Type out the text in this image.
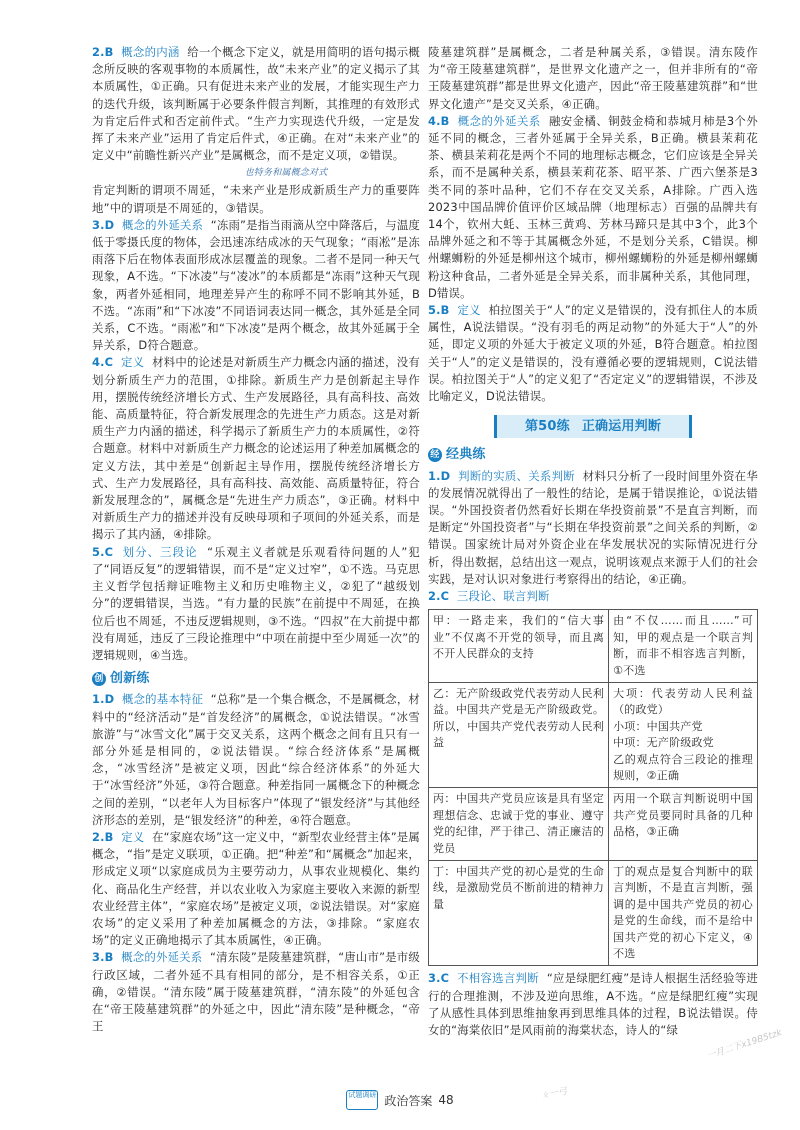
2.B 概念的内涵 给一个概念下定义，就是用简明的语句揭示概念所反映的客观事物的本质属性，故“未来产业”的定义揭示了其本质属性，①正确。只有促进未来产业的发展，才能实现生产力的迭代升级，该判断属于必要条件假言判断，其推理的有效形式为肯定后件式和否定前件式。“生产力实现迭代升级，一定是发挥了未来产业”运用了肯定后件式，④正确。在对“未来产业”的定义中“前瞻性新兴产业”是属概念，而不是定义项，②错误。

也特务和属概念对式

肯定判断的谓项不周延，“未来产业是形成新质生产力的重要阵地”中的谓项是不周延的，③错误。

3.D 概念的外延关系 “冻雨”是指当雨滴从空中降落后，与温度低于零摄氏度的物体，会迅速冻结成冰的天气现象；“雨凇”是冻雨落下后在物体表面形成冰层覆盖的现象。二者不是同一种天气现象，A不选。“下冰凌”与“凌冰”的本质都是“冻雨”这种天气现象，两者外延相同，地理差异产生的称呼不同不影响其外延，B不选。“冻雨”和“下冰凌”不同语词表达同一概念，其外延是全同关系，C不选。“雨凇”和“下冰凌”是两个概念，故其外延属于全异关系，D符合题意。

4.C 定义 材料中的论述是对新质生产力概念内涵的描述，没有划分新质生产力的范围，①排除。新质生产力是创新起主导作用，摆脱传统经济增长方式、生产发展路径，具有高科技、高效能、高质量特征，符合新发展理念的先进生产力质态。这是对新质生产力内涵的描述，科学揭示了新质生产力的本质属性，②符合题意。材料中对新质生产力概念的论述运用了种差加属概念的定义方法，其中差是“创新起主导作用，摆脱传统经济增长方式、生产力发展路径，具有高科技、高效能、高质量特征，符合新发展理念的”，属概念是“先进生产力质态”，③正确。材料中对新质生产力的描述并没有反映母项和子项间的外延关系，而是揭示了其内涵，④排除。

5.C 划分、三段论 “乐观主义者就是乐观看待问题的人”犯了“同语反复”的逻辑错误，而不是“定义过窄”，①不选。马克思主义哲学包括辩证唯物主义和历史唯物主义，②犯了“越级划分”的逻辑错误，当选。“有力量的民族”在前提中不周延，在换位后也不周延，不违反逻辑规则，③不选。“四叔”在大前提中都没有周延，违反了三段论推理中“中项在前提中至少周延一次”的逻辑规则，④当选。

创 创新练

1.D 概念的基本特征 “总称”是一个集合概念，不是属概念，材料中的“经济活动”是“首发经济”的属概念，①说法错误。“冰雪旅游”与“冰雪文化”属于交叉关系，这两个概念之间有且只有一部分外延是相同的，②说法错误。“综合经济体系”是属概念，“冰雪经济”是被定义项，因此“综合经济体系”的外延大于“冰雪经济”外延，③符合题意。种差指同一属概念下的种概念之间的差别，“以老年人为目标客户”体现了“银发经济”与其他经济形态的差别，是“银发经济”的种差，④符合题意。

2.B 定义 在“家庭农场”这一定义中，“新型农业经营主体”是属概念，“指”是定义联项，①正确。把“种差”和“属概念”加起来，形成定义项“以家庭成员为主要劳动力，从事农业规模化、集约化、商品化生产经营，并以农业收入为家庭主要收入来源的新型农业经营主体”，“家庭农场”是被定义项，②说法错误。对“家庭农场”的定义采用了种差加属概念的方法，③排除。“家庭农场”的定义正确地揭示了其本质属性，④正确。

3.B 概念的外延关系 “清东陵”是陵墓建筑群，“唐山市”是市级行政区域，二者外延不具有相同的部分，是不相容关系，①正确，②错误。“清东陵”属于陵墓建筑群，“清东陵”的外延包含在“帝王陵墓建筑群”的外延之中，因此“清东陵”是种概念，“帝王

陵墓建筑群”是属概念，二者是种属关系，③错误。清东陵作为“帝王陵墓建筑群”，是世界文化遗产之一，但并非所有的“帝王陵墓建筑群”都是世界文化遗产，因此“帝王陵墓建筑群”和“世界文化遗产”是交叉关系，④正确。

4.B 概念的外延关系 融安金橘、铜鼓金椅和恭城月柿是3个外延不同的概念，三者外延属于全异关系，B正确。横县茉莉花茶、横县茉莉花是两个不同的地理标志概念，它们应该是全异关系，而不是属种关系，横县茉莉花茶、昭平茶、广西六堡茶是3类不同的茶叶品种，它们不存在交叉关系，A排除。广西入选2023中国品牌价值评价区域品牌（地理标志）百强的品牌共有14个，钦州大蚝、玉林三黄鸡、芳林马蹄只是其中3个，此3个品牌外延之和不等于其属概念外延，不是划分关系，C错误。柳州螺蛳粉的外延是柳州这个城市，柳州螺蛳粉的外延是柳州螺蛳粉这种食品，二者外延是全异关系，而非属种关系，其他同理，D错误。

5.B 定义 柏拉图关于“人”的定义是错误的，没有抓住人的本质属性，A说法错误。“没有羽毛的两足动物”的外延大于“人”的外延，即定义项的外延大于被定义项的外延，B符合题意。柏拉图关于“人”的定义是错误的，没有遵循必要的逻辑规则，C说法错误。柏拉图关于“人”的定义犯了“否定定义”的逻辑错误，不涉及比喻定义，D说法错误。

第50练 正确运用判断
经 经典练

1.D 判断的实质、关系判断 材料只分析了一段时间里外资在华的发展情况就得出了一般性的结论，是属于错误推论，①说法错误。“外国投资者仍然看好长期在华投资前景”不是直言判断，而是断定“外国投资者”与“长期在华投资前景”之间关系的判断，②错误。国家统计局对外资企业在华发展状况的实际情况进行分析，得出数据，总结出这一观点，说明该观点来源于人们的社会实践，是对认识对象进行考察得出的结论，④正确。

2.C 三段论、联言判断

甲：一路走来，我们的“信大事业”不仅离不开党的领导，而且离不开人民群众的支持	由“不仅……而且……”可知，甲的观点是一个联言判断，而非不相容选言判断，①不选
乙：无产阶级政党代表劳动人民利益。中国共产党是无产阶级政党。所以，中国共产党代表劳动人民利益	大项：代表劳动人民利益（的政党）
小项：中国共产党
中项：无产阶级政党
乙的观点符合三段论的推理规则，②正确
丙：中国共产党员应该是具有坚定理想信念、忠诚于党的事业、遵守党的纪律，严于律己、清正廉洁的党员	丙用一个联言判断说明中国共产党员要同时具备的几种品格，③正确
丁：中国共产党的初心是党的生命线，是激励党员不断前进的精神力量	丁的观点是复合判断中的联言判断，不是直言判断，强调的是中国共产党员的初心是党的生命线，而不是给中国共产党的初心下定义，④不选

3.C 不相容选言判断 “应是绿肥红瘦”是诗人根据生活经验等进行的合理推测，不涉及逆向思维，A不选。“应是绿肥红瘦”实现了从感性具体到思维抽象再到思维具体的过程，B说法错误。侍女的“海棠依旧”是风雨前的海棠状态，诗人的“绿	一月二下x19B5tzk
ㄆ一弓
试题调研 政治答案 48
